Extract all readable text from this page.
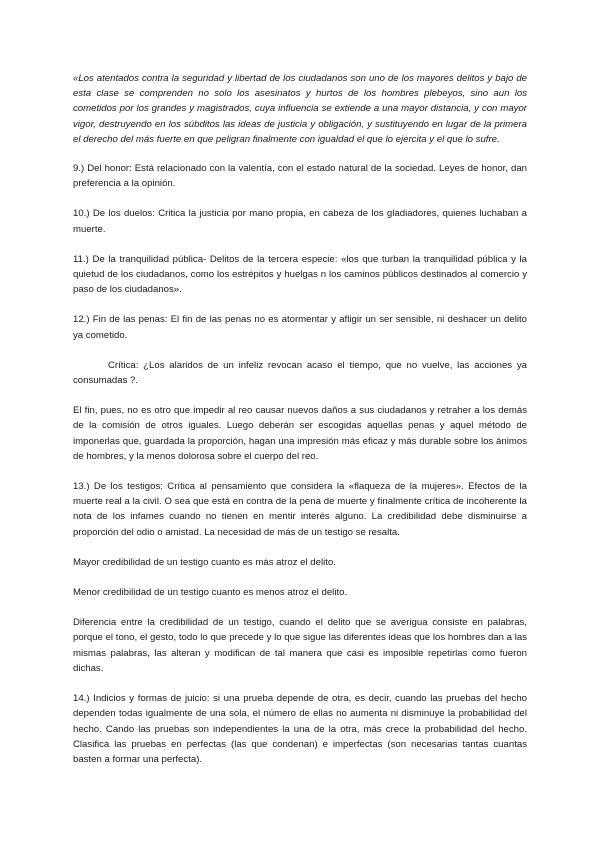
«Los atentados contra la seguridad y libertad de los ciudadanos son uno de los mayores delitos y bajo de esta clase se comprenden no solo los asesinatos y hurtos de los hombres plebeyos, sino aun los cometidos por los grandes y magistrados, cuya influencia se extiende a una mayor distancia, y con mayor vigor, destruyendo en los súbditos las ideas de justicia y obligación, y sustituyendo en lugar de la primera el derecho del más fuerte en que peligran finalmente con igualdad el que lo ejercita y el que lo sufre.

9.) Del honor: Está relacionado con la valentía, con el estado natural de la sociedad. Leyes de honor, dan preferencia a la opinión.

10.) De los duelos: Critica la justicia por mano propia, en cabeza de los gladiadores, quienes luchaban a muerte.

11.) De la tranquilidad pública- Delitos de la tercera especie: «los que turban la tranquilidad pública y la quietud de los ciudadanos, como los estrépitos y huelgas n los caminos públicos destinados al comercio y paso de los ciudadanos».

12.) Fin de las penas: El fin de las penas no es atormentar y afligir un ser sensible, ni deshacer un delito ya cometido.

Crítica: ¿Los alaridos de un infeliz revocan acaso el tiempo, que no vuelve, las acciones ya consumadas ?.

El fin, pues, no es otro que impedir al reo causar nuevos daños a sus ciudadanos y retraher a los demás de la comisión de otros iguales. Luego deberán ser escogidas aquellas penas y aquel método de imponerlas que, guardada la proporción, hagan una impresión más eficaz y más durable sobre los ánimos de hombres, y la menos dolorosa sobre el cuerpo del reo.

13.) De los testigos: Crítica al pensamiento que considera la «flaqueza de la mujeres». Efectos de la muerte real a la civil. O sea que está en contra de la pena de muerte y finalmente crítica de incoherente la nota de los infames cuando no tienen en mentir interés alguno. La credibilidad debe disminuirse a proporción del odio o amistad. La necesidad de más de un testigo se resalta.

Mayor credibilidad de un testigo cuanto es más atroz el delito.

Menor credibilidad de un testigo cuanto es menos atroz el delito.

Diferencia entre la credibilidad de un testigo, cuando el delito que se averigua consiste en palabras, porque el tono, el gesto, todo lo que precede y lo que sigue las diferentes ideas que los hombres dan a las mismas palabras, las alteran y modifican de tal manera que casi es imposible repetirlas como fueron dichas.

14.) Indicios y formas de juicio: si una prueba depende de otra, es decir, cuando las pruebas del hecho dependen todas igualmente de una sola, el número de ellas no aumenta ni disminuye la probabilidad del hecho. Cando las pruebas son independientes la una de la otra, más crece la probabilidad del hecho. Clasifica las pruebas en perfectas (las que condenan) e imperfectas (son necesarias tantas cuantas basten a formar una perfecta).
